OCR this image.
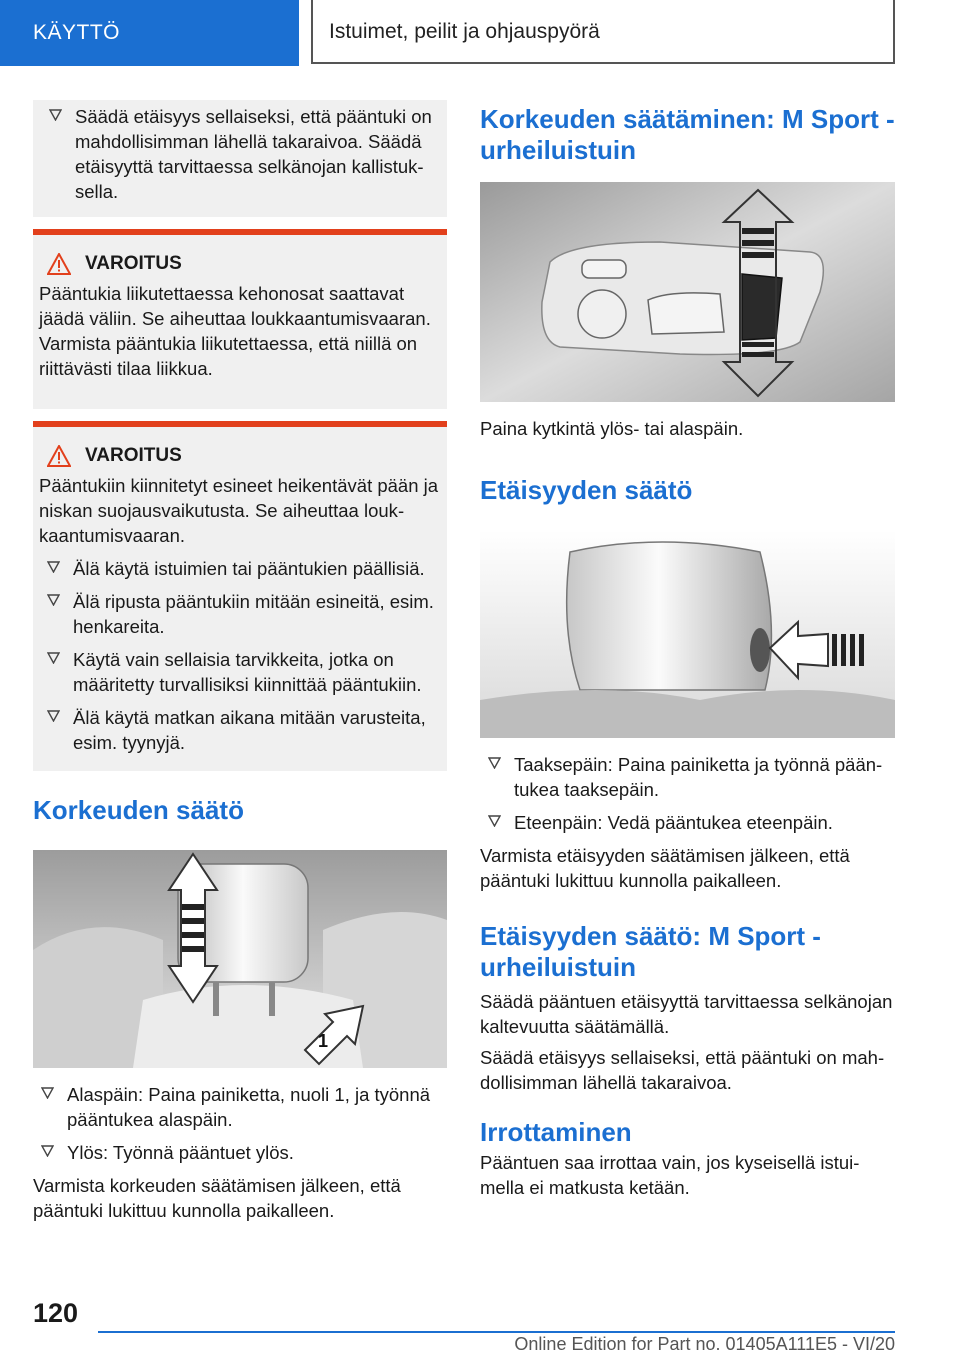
KÄYTTÖ	Istuimet, peilit ja ohjauspyörä
Säädä etäisyys sellaiseksi, että pääntuki on mahdollisimman lähellä takaraivoa. Säädä etäisyyttä tarvittaessa selkänojan kallistuksella.
VAROITUS

Pääntukia liikutettaessa kehonosat saattavat jäädä väliin. Se aiheuttaa loukkaantumisvaaran. Varmista pääntukia liikutettaessa, että niillä on riittävästi tilaa liikkua.

VAROITUS

Pääntukiin kiinnitetyt esineet heikentävät pään ja niskan suojausvaikutusta. Se aiheuttaa loukkaantumisvaaran.

Älä käytä istuimien tai pääntukien päällisiä.
Älä ripusta pääntukiin mitään esineitä, esim. henkareita.
Käytä vain sellaisia tarvikkeita, jotka on määritetty turvallisiksi kiinnittää pääntukiin.
Älä käytä matkan aikana mitään varusteita, esim. tyynyjä.
Korkeuden säätö
1
Alaspäin: Paina painiketta, nuoli 1, ja työnnä pääntukea alaspäin.
Ylös: Työnnä pääntuet ylös.

Varmista korkeuden säätämisen jälkeen, että pääntuki lukittuu kunnolla paikalleen.

Korkeuden säätäminen: M Sport -urheiluistuin

Paina kytkintä ylös- tai alaspäin.

Etäisyyden säätö
Taaksepäin: Paina painiketta ja työnnä pääntukea taaksepäin.
Eteenpäin: Vedä pääntukea eteenpäin.

Varmista etäisyyden säätämisen jälkeen, että pääntuki lukittuu kunnolla paikalleen.

Etäisyyden säätö: M Sport -urheiluistuin

Säädä pääntuen etäisyyttä tarvittaessa selkänojan kaltevuutta säätämällä.

Säädä etäisyys sellaiseksi, että pääntuki on mahdollisimman lähellä takaraivoa.

Irrottaminen

Pääntuen saa irrottaa vain, jos kyseisellä istuimella ei matkusta ketään.

120
Online Edition for Part no. 01405A111E5 - VI/20
